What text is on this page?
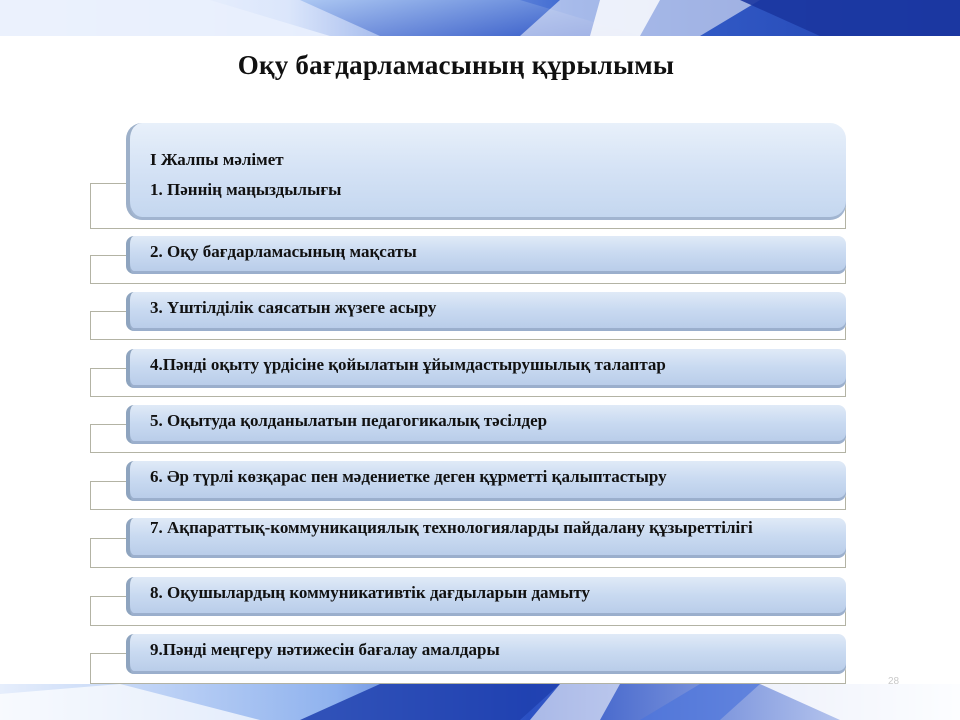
Оқу бағдарламасының құрылымы
I Жалпы мәлімет
1. Пәннің маңыздылығы
2. Оқу бағдарламасының мақсаты
3. Үштілділік саясатын жүзеге асыру
4.Пәнді оқыту үрдісіне қойылатын ұйымдастырушылық талаптар
5. Оқытуда қолданылатын педагогикалық тәсілдер
6. Әр түрлі көзқарас пен мәдениетке деген құрметті қалыптастыру
7. Ақпараттық-коммуникациялық технологияларды пайдалану құзыреттілігі
8. Оқушылардың коммуникативтік дағдыларын дамыту
9.Пәнді меңгеру нәтижесін бағалау амалдары
28
